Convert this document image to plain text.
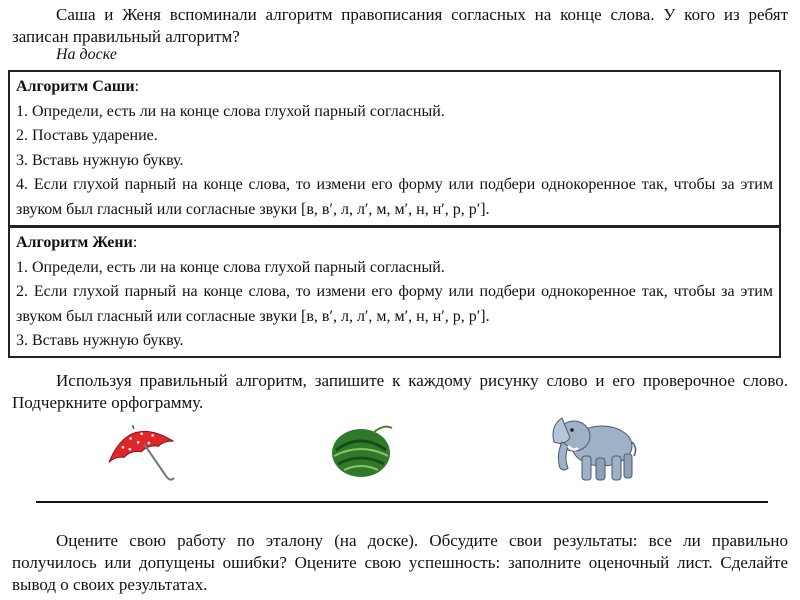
Саша и Женя вспоминали алгоритм правописания согласных на конце слова. У кого из ребят записан правильный алгоритм?

На доске

Алгоритм Саши:

1. Определи, есть ли на конце слова глухой парный согласный.

2. Поставь ударение.

3. Вставь нужную букву.

4. Если глухой парный на конце слова, то измени его форму или подбери однокоренное так, чтобы за этим звуком был гласный или согласные звуки [в, в′, л, л′, м, м′, н, н′, р, р′].

Алгоритм Жени:

1. Определи, есть ли на конце слова глухой парный согласный.

2. Если глухой парный на конце слова, то измени его форму или подбери однокоренное так, чтобы за этим звуком был гласный или согласные звуки [в, в′, л, л′, м, м′, н, н′, р, р′].

3. Вставь нужную букву.

Используя правильный алгоритм, запишите к каждому рисунку слово и его проверочное слово. Подчеркните орфограмму.

Оцените свою работу по эталону (на доске). Обсудите свои результаты: все ли правильно получилось или допущены ошибки? Оцените свою успешность: заполните оценочный лист. Сделайте вывод о своих результатах.
